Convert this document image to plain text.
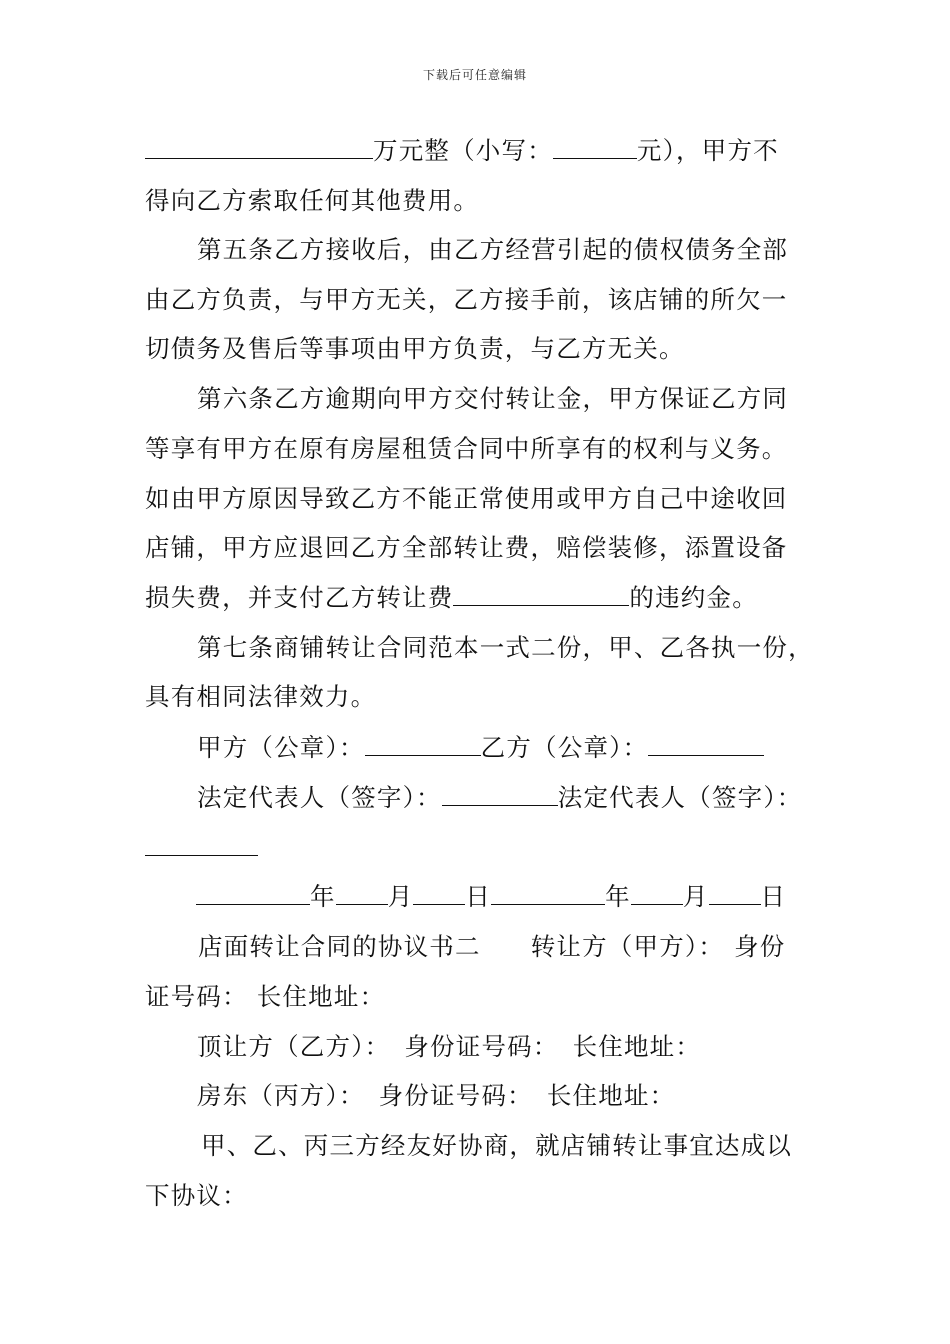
下载后可任意编辑
万元整（小写：	元），甲方不
得向乙方索取任何其他费用。
第五条乙方接收后，由乙方经营引起的债权债务全部
由乙方负责，与甲方无关，乙方接手前，该店铺的所欠一
切债务及售后等事项由甲方负责，与乙方无关。
第六条乙方逾期向甲方交付转让金，甲方保证乙方同
等享有甲方在原有房屋租赁合同中所享有的权利与义务。
如由甲方原因导致乙方不能正常使用或甲方自己中途收回
店铺，甲方应退回乙方全部转让费，赔偿装修，添置设备
损失费，并支付乙方转让费	的违约金。
第七条商铺转让合同范本一式二份，甲、乙各执一份，
具有相同法律效力。
甲方（公章）：	乙方（公章）：
法定代表人（签字）：	法定代表人（签字）：
年 月 日	年 月 日
店面转让合同的协议书二 转让方（甲方）： 身份
证号码： 长住地址：
顶让方（乙方）： 身份证号码： 长住地址：
房东（丙方）： 身份证号码： 长住地址：
甲、乙、丙三方经友好协商，就店铺转让事宜达成以
下协议：
